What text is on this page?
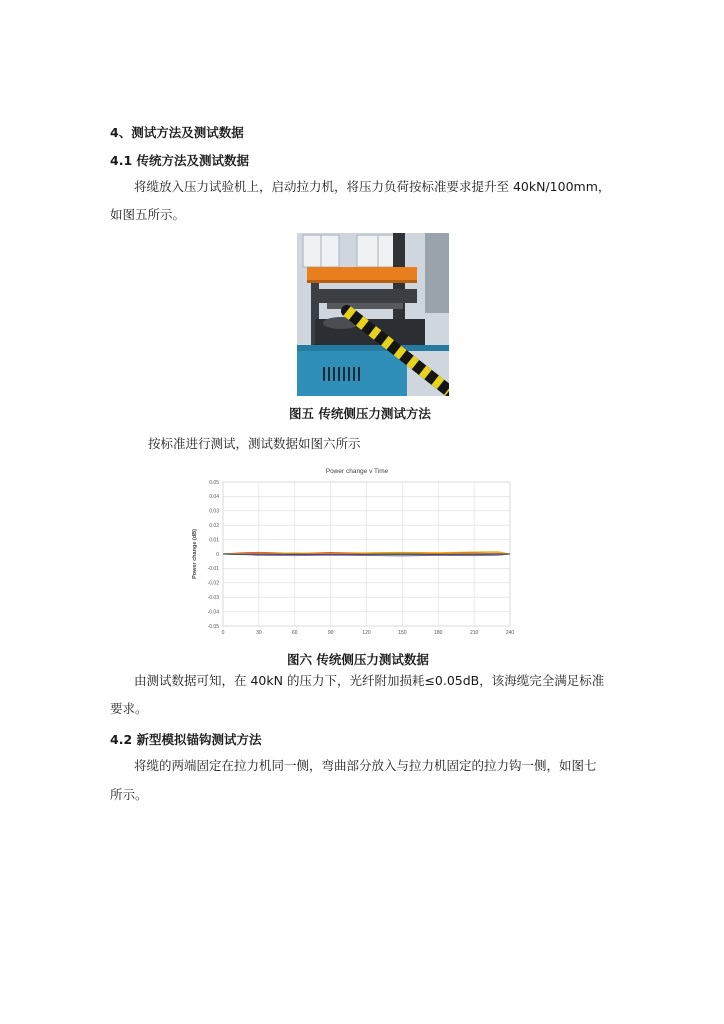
4、测试方法及测试数据
4.1 传统方法及测试数据
将缆放入压力试验机上，启动拉力机，将压力负荷按标准要求提升至 40kN/100mm，
如图五所示。
图五 传统侧压力测试方法
按标准进行测试，测试数据如图六所示
Power change v Time
Power change (dB)
0.05
0.04
0.03
0.02
0.01
0
-0.01
-0.02
-0.03
-0.04
-0.05
0	30	60	90	120	150	180	210	240
图六 传统侧压力测试数据
由测试数据可知，在 40kN 的压力下，光纤附加损耗≤0.05dB，该海缆完全满足标准
要求。
4.2 新型模拟锚钩测试方法
将缆的两端固定在拉力机同一侧，弯曲部分放入与拉力机固定的拉力钩一侧，如图七
所示。
